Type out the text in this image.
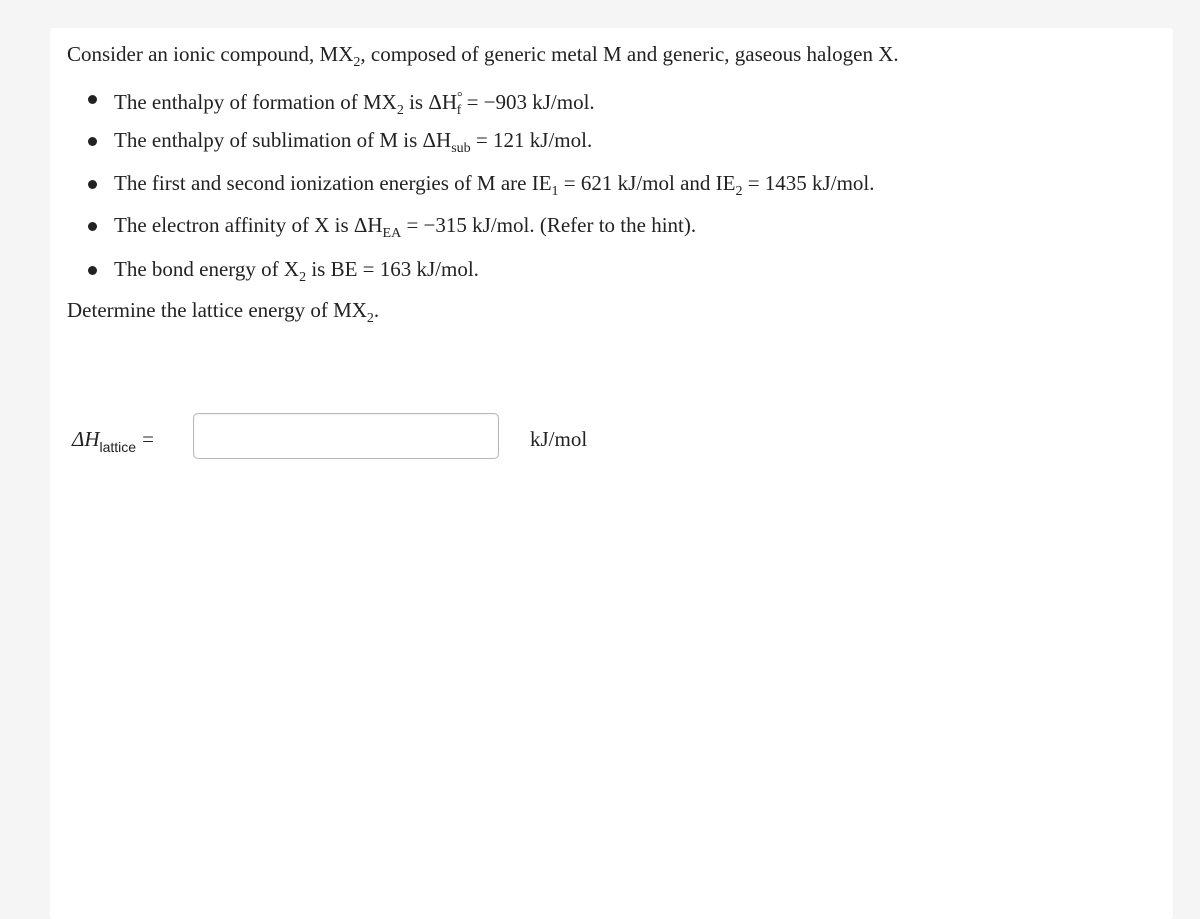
Consider an ionic compound, $MX_2$, composed of generic metal M and generic, gaseous halogen X.
The enthalpy of formation of $MX_2$ is $\Delta H^\circ_f = -903$ kJ/mol.
The enthalpy of sublimation of M is $\Delta H_{sub} = 121$ kJ/mol.
The first and second ionization energies of M are $IE_1 = 621$ kJ/mol and $IE_2 = 1435$ kJ/mol.
The electron affinity of X is $\Delta H_{EA} = -315$ kJ/mol. (Refer to the hint).
The bond energy of $X_2$ is BE = 163 kJ/mol.
Determine the lattice energy of $MX_2$.
$\Delta H_{lattice}$ =	kJ/mol
